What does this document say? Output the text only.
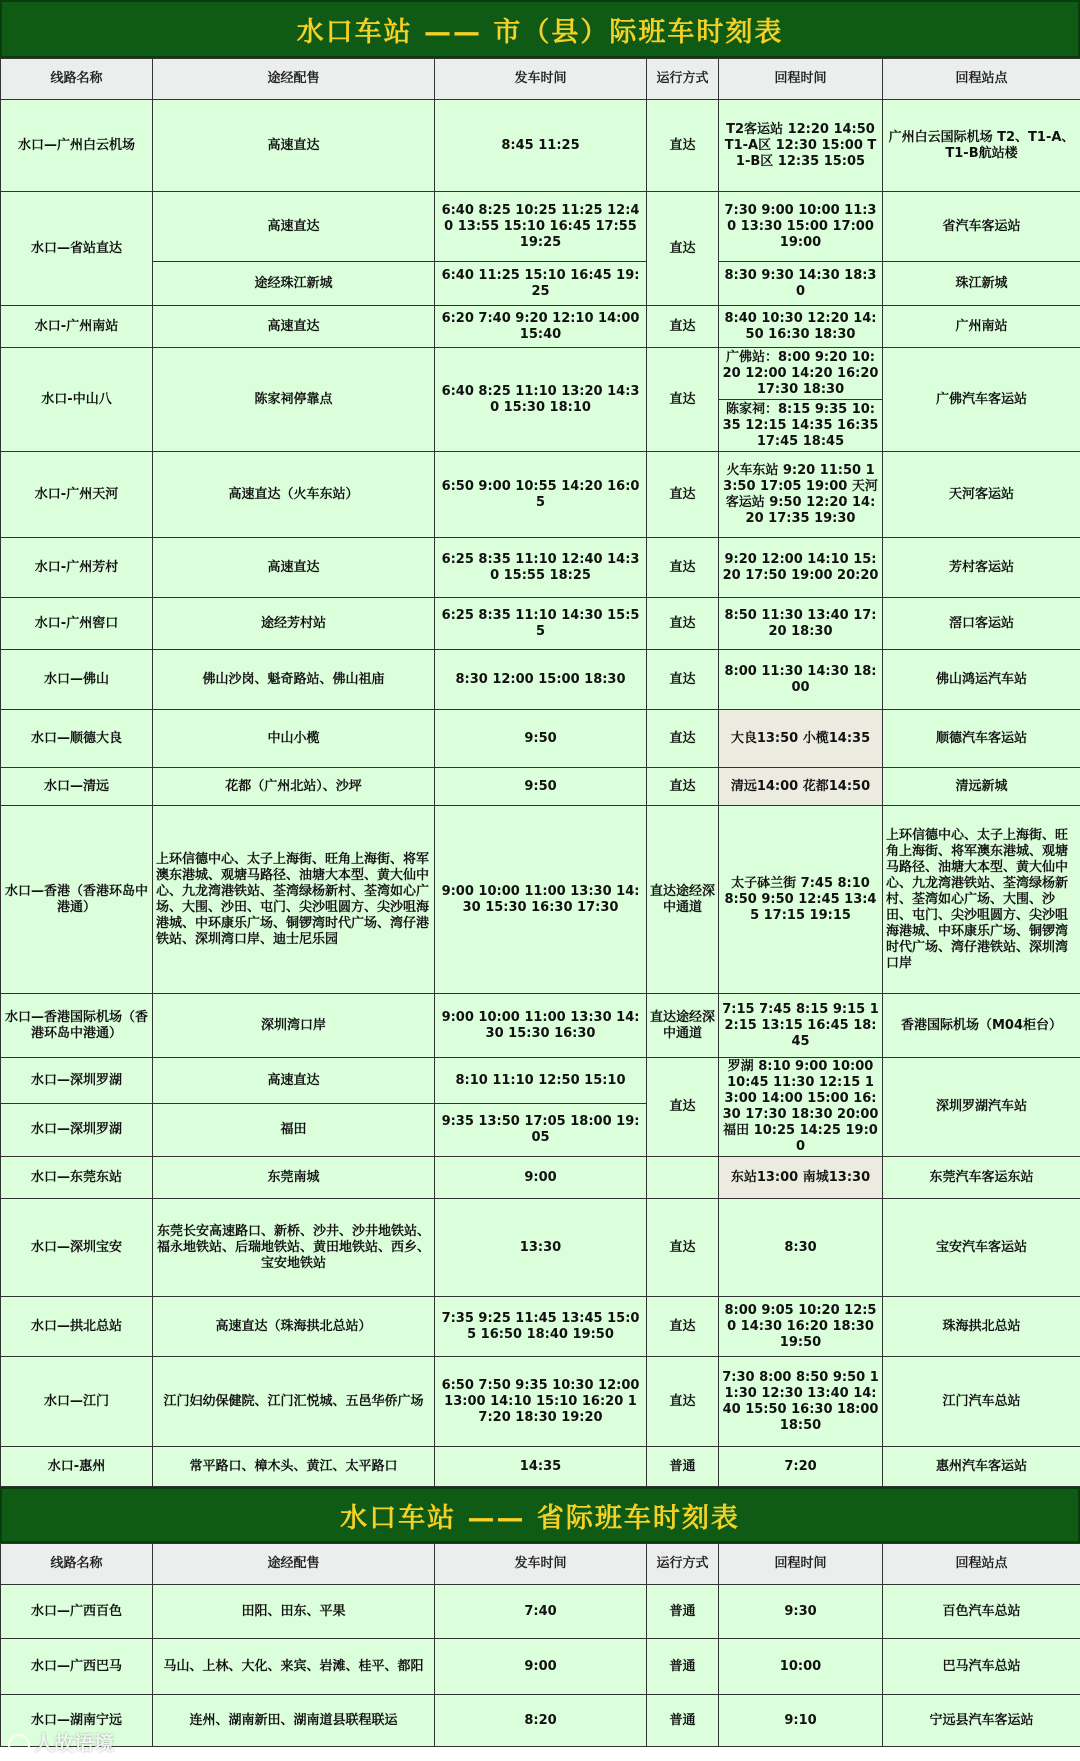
水口车站 —— 市（县）际班车时刻表
线路名称	途经配售	发车时间	运行方式	回程时间	回程站点
水口—广州白云机场	高速直达	8:45 11:25	直达	T2客运站 12:20 14:50 T1-A区 12:30 15:00 T1-B区 12:35 15:05	广州白云国际机场 T2、T1-A、T1-B航站楼
水口—省站直达	高速直达	6:40 8:25 10:25 11:25 12:40 13:55 15:10 16:45 17:55 19:25	直达	7:30 9:00 10:00 11:30 13:30 15:00 17:00 19:00	省汽车客运站
	途经珠江新城	6:40 11:25 15:10 16:45 19:25		8:30 9:30 14:30 18:30	珠江新城
水口-广州南站	高速直达	6:20 7:40 9:20 12:10 14:00 15:40	直达	8:40 10:30 12:20 14:50 16:30 18:30	广州南站
水口-中山八	陈家祠停靠点	6:40 8:25 11:10 13:20 14:30 15:30 18:10	直达	广佛站：8:00 9:20 10:20 12:00 14:20 16:20 17:30 18:30	广佛汽车客运站
				陈家祠：8:15 9:35 10:35 12:15 14:35 16:35 17:45 18:45	
水口-广州天河	高速直达（火车东站）	6:50 9:00 10:55 14:20 16:05	直达	火车东站 9:20 11:50 13:50 17:05 19:00 天河客运站 9:50 12:20 14:20 17:35 19:30	天河客运站
水口-广州芳村	高速直达	6:25 8:35 11:10 12:40 14:30 15:55 18:25	直达	9:20 12:00 14:10 15:20 17:50 19:00 20:20	芳村客运站
水口-广州窖口	途经芳村站	6:25 8:35 11:10 14:30 15:55	直达	8:50 11:30 13:40 17:20 18:30	滘口客运站
水口—佛山	佛山沙岗、魁奇路站、佛山祖庙	8:30 12:00 15:00 18:30	直达	8:00 11:30 14:30 18:00	佛山鸿运汽车站
水口—顺德大良	中山小榄	9:50	直达	大良13:50 小榄14:35	顺德汽车客运站
水口—清远	花都（广州北站）、沙坪	9:50	直达	清远14:00 花都14:50	清远新城
水口—香港（香港环岛中港通）	上环信德中心、太子上海街、旺角上海街、将军澳东港城、观塘马路径、油塘大本型、黄大仙中心、九龙湾港铁站、荃湾绿杨新村、荃湾如心广场、大围、沙田、屯门、尖沙咀圆方、尖沙咀海港城、中环康乐广场、铜锣湾时代广场、湾仔港铁站、深圳湾口岸、迪士尼乐园	9:00 10:00 11:00 13:30 14:30 15:30 16:30 17:30	直达途经深中通道	太子砵兰街 7:45 8:10 8:50 9:50 12:45 13:45 17:15 19:15	上环信德中心、太子上海街、旺角上海街、将军澳东港城、观塘马路径、油塘大本型、黄大仙中心、九龙湾港铁站、荃湾绿杨新村、荃湾如心广场、大围、沙田、屯门、尖沙咀圆方、尖沙咀海港城、中环康乐广场、铜锣湾时代广场、湾仔港铁站、深圳湾口岸
水口—香港国际机场（香港环岛中港通）	深圳湾口岸	9:00 10:00 11:00 13:30 14:30 15:30 16:30	直达途经深中通道	7:15 7:45 8:15 9:15 12:15 13:15 16:45 18:45	香港国际机场（M04柜台）
水口—深圳罗湖	高速直达	8:10 11:10 12:50 15:10	直达	罗湖 8:10 9:00 10:00 10:45 11:30 12:15 13:00 14:00 15:00 16:30 17:30 18:30 20:00 福田 10:25 14:25 19:00	深圳罗湖汽车站
水口—深圳罗湖	福田	9:35 13:50 17:05 18:00 19:05			
水口—东莞东站	东莞南城	9:00		东站13:00 南城13:30	东莞汽车客运东站
水口—深圳宝安	东莞长安高速路口、新桥、沙井、沙井地铁站、福永地铁站、后瑞地铁站、黄田地铁站、西乡、宝安地铁站	13:30	直达	8:30	宝安汽车客运站
水口—拱北总站	高速直达（珠海拱北总站）	7:35 9:25 11:45 13:45 15:05 16:50 18:40 19:50	直达	8:00 9:05 10:20 12:50 14:30 16:20 18:30 19:50	珠海拱北总站
水口—江门	江门妇幼保健院、江门汇悦城、五邑华侨广场	6:50 7:50 9:35 10:30 12:00 13:00 14:10 15:10 16:20 17:20 18:30 19:20	直达	7:30 8:00 8:50 9:50 11:30 12:30 13:40 14:40 15:50 16:30 18:00 18:50	江门汽车总站
水口-惠州	常平路口、樟木头、黄江、太平路口	14:35	普通	7:20	惠州汽车客运站
水口车站 —— 省际班车时刻表
线路名称	途经配售	发车时间	运行方式	回程时间	回程站点
水口—广西百色	田阳、田东、平果	7:40	普通	9:30	百色汽车总站
水口—广西巴马	马山、上林、大化、来宾、岩滩、桂平、都阳	9:00	普通	10:00	巴马汽车总站
水口—湖南宁远	连州、湖南新田、湖南道县联程联运	8:20	普通	9:10	宁远县汽车客运站
人故语境
